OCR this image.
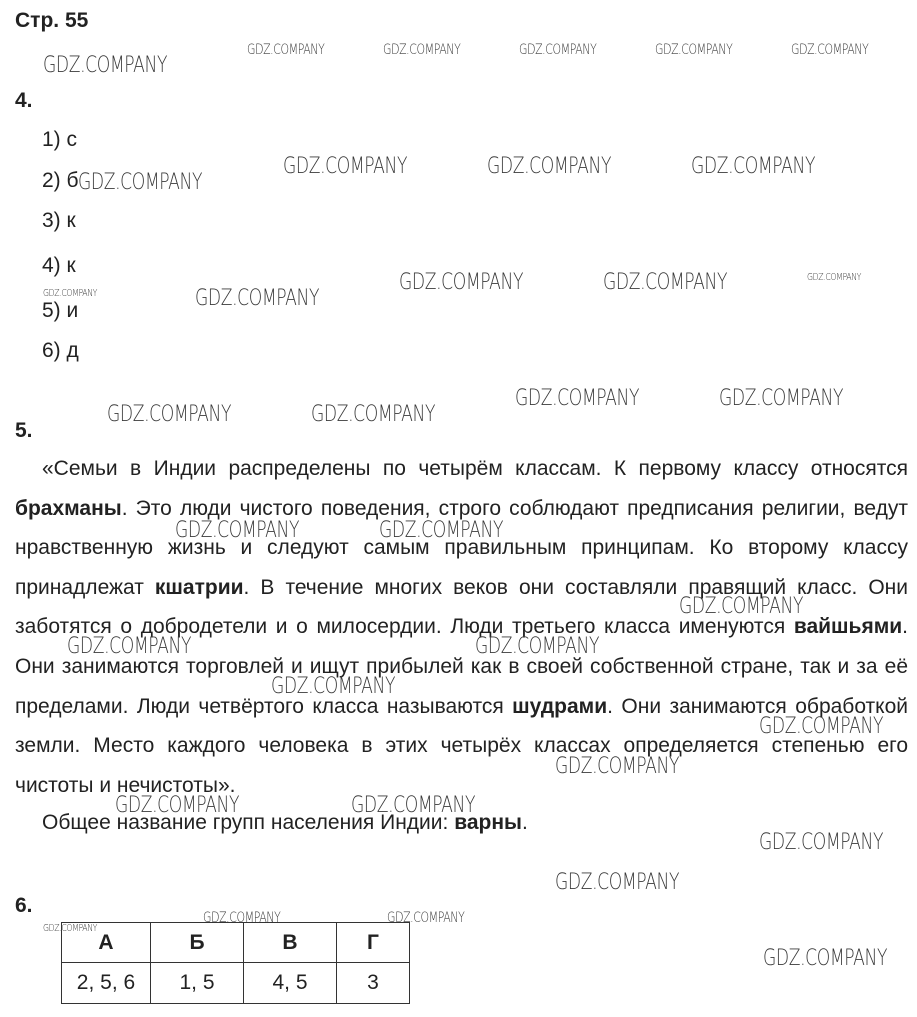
Стр. 55
4.
1) с
2) б
3) к
4) к
5) и
6) д
5.

«Семьи в Индии распределены по четырём классам. К первому классу относятся брахманы. Это люди чистого поведения, строго соблюдают предписания религии, ведут нравственную жизнь и следуют самым правильным принципам. Ко второму классу принадлежат кшатрии. В течение многих веков они составляли правящий класс. Они заботятся о добродетели и о милосердии. Люди третьего класса именуются вайшьями. Они занимаются торговлей и ищут прибылей как в своей собственной стране, так и за её пределами. Люди четвёртого класса называются шудрами. Они занимаются обработкой земли. Место каждого человека в этих четырёх классах определяется степенью его чистоты и нечистоты».

Общее название групп населения Индии: варны.
6.
А	Б	В	Г
2, 5, 6	1, 5	4, 5	3
GDZ.COMPANY
GDZ.COMPANY	GDZ.COMPANY	GDZ.COMPANY	GDZ.COMPANY	GDZ.COMPANY
GDZ.COMPANY
GDZ.COMPANY	GDZ.COMPANY	GDZ.COMPANY
GDZ.COMPANY	GDZ.COMPANY
GDZ.COMPANY	GDZ.COMPANY	GDZ.COMPANY
GDZ.COMPANY	GDZ.COMPANY
GDZ.COMPANY	GDZ.COMPANY
GDZ.COMPANY	GDZ.COMPANY
GDZ.COMPANY
GDZ.COMPANY	GDZ.COMPANY
GDZ.COMPANY
GDZ.COMPANY
GDZ.COMPANY
GDZ.COMPANY	GDZ.COMPANY
GDZ.COMPANY
GDZ.COMPANY
GDZ.COMPANY
GDZ.COMPANY	GDZ.COMPANY
GDZ.COMPANY
